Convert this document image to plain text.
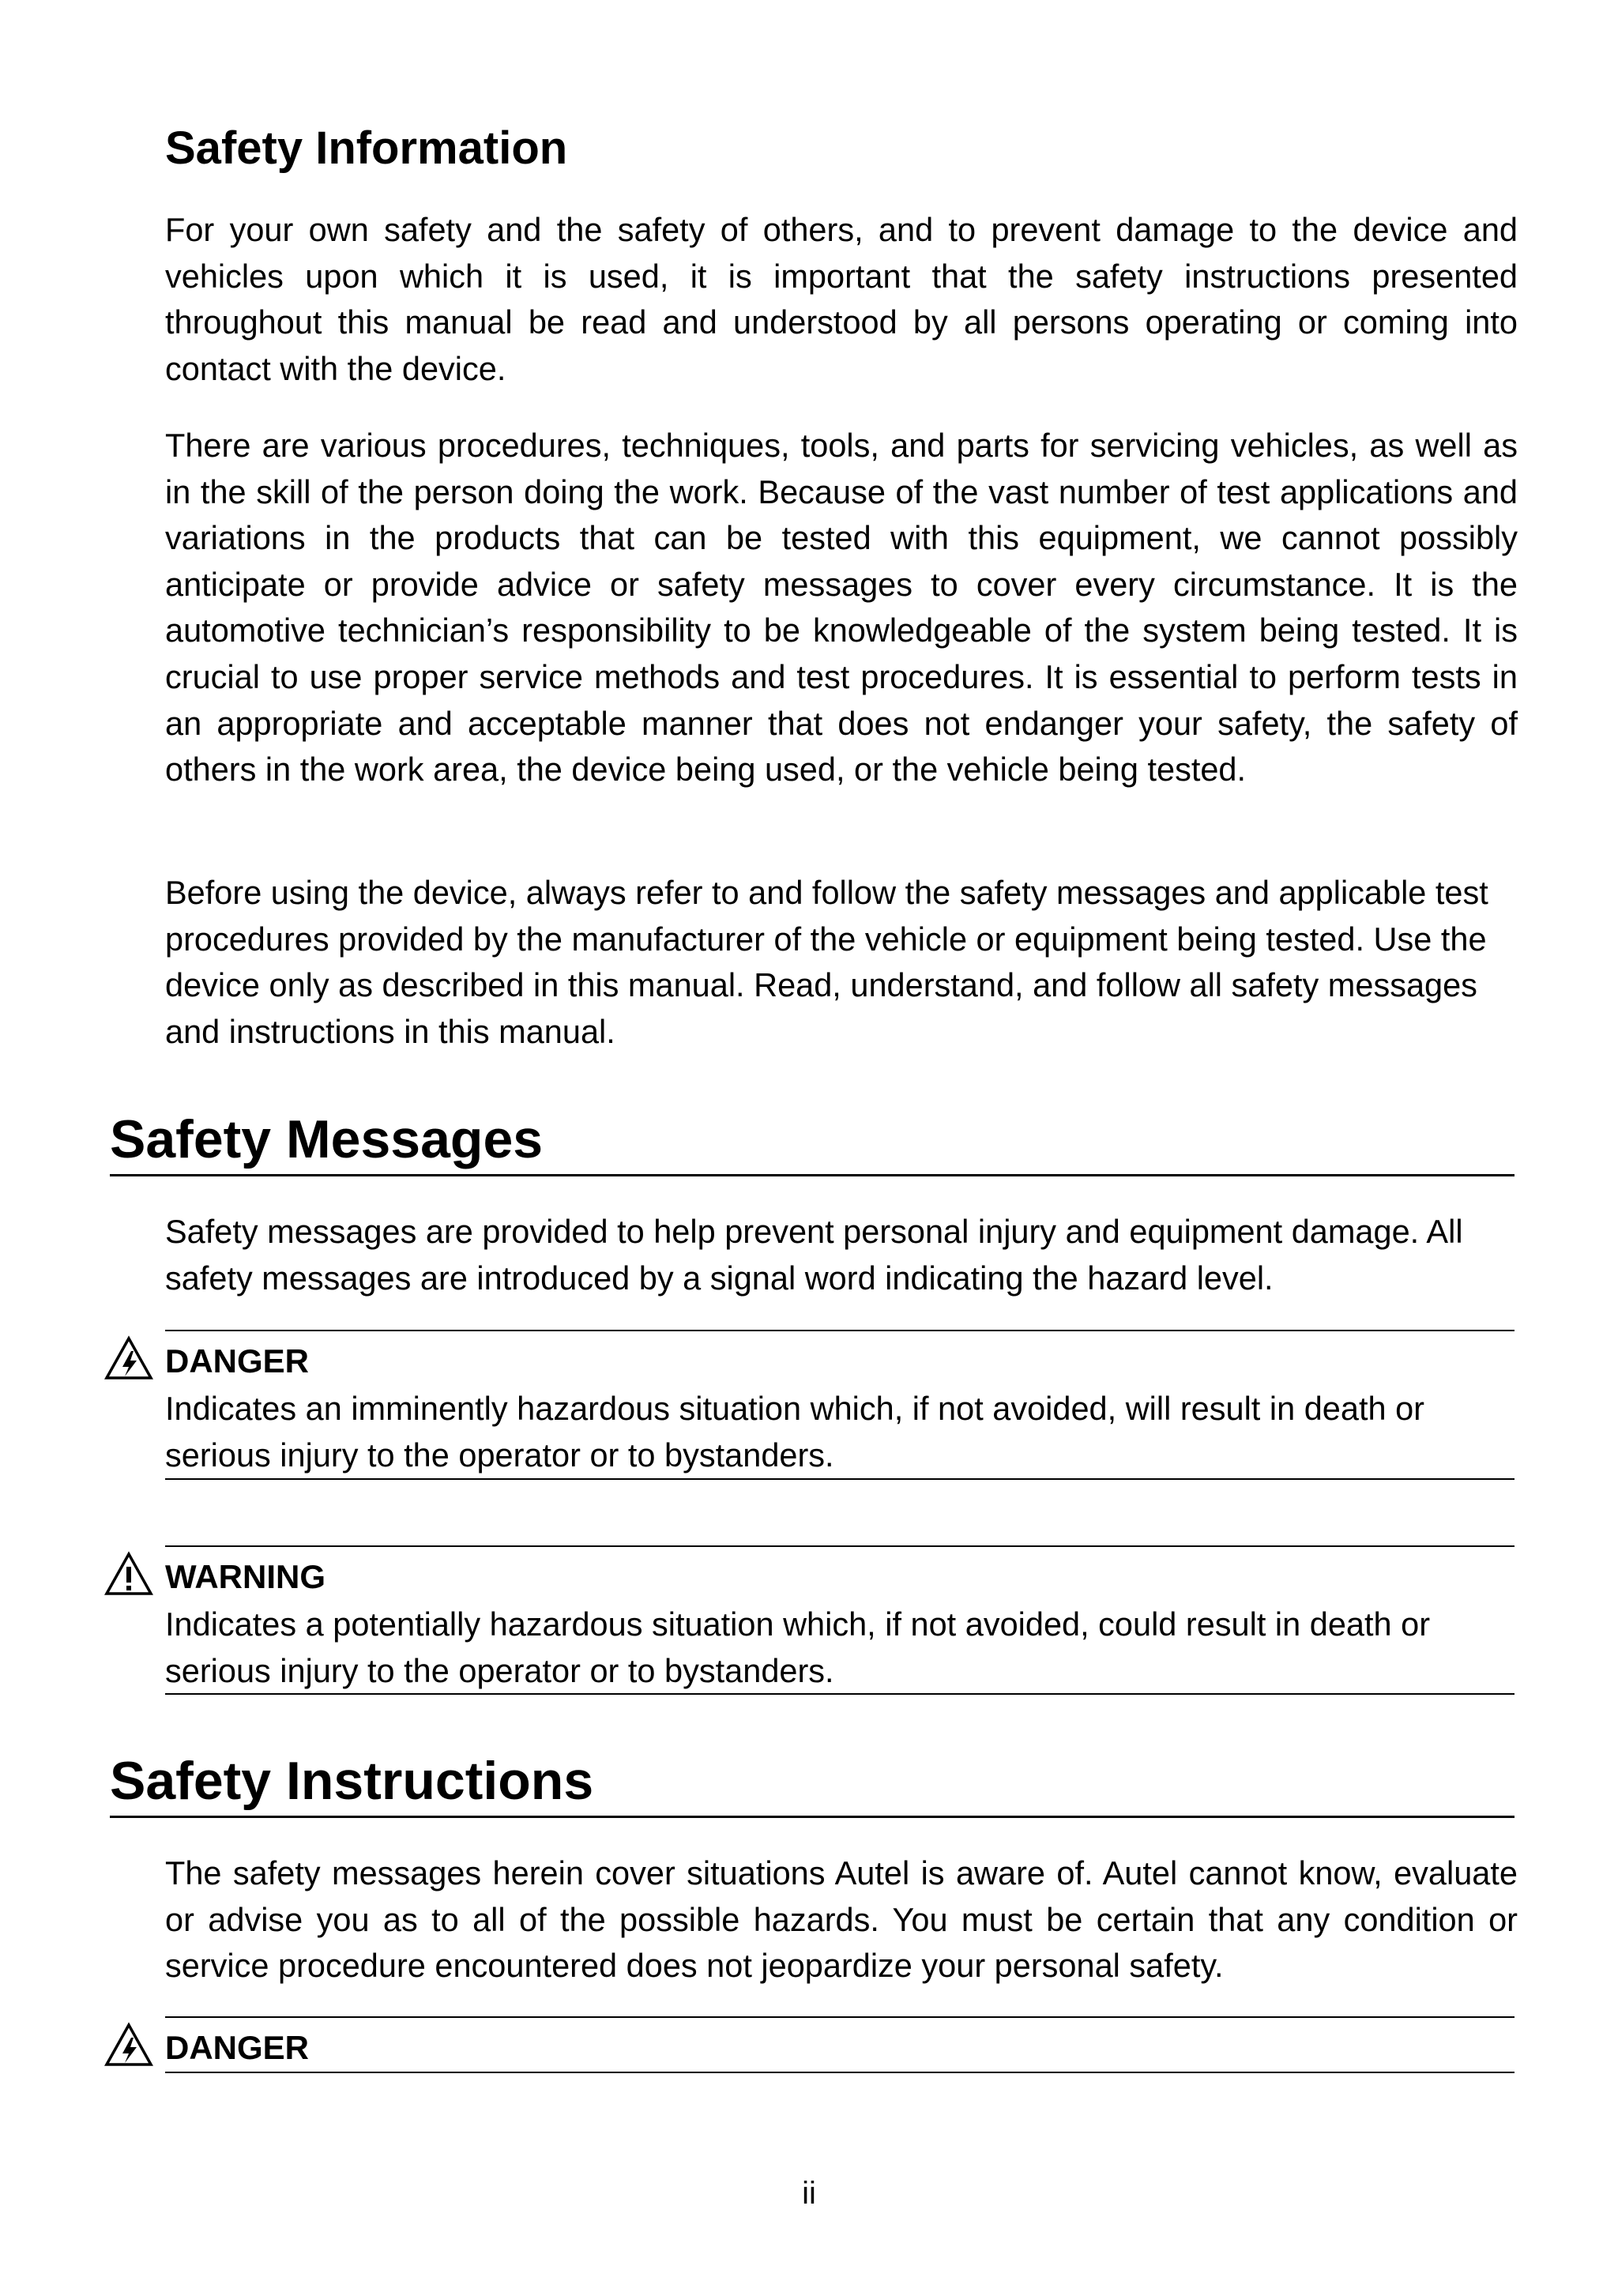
Safety Information

For your own safety and the safety of others, and to prevent damage to the device and vehicles upon which it is used, it is important that the safety instructions presented throughout this manual be read and understood by all persons operating or coming into contact with the device.

There are various procedures, techniques, tools, and parts for servicing vehicles, as well as in the skill of the person doing the work. Because of the vast number of test applications and variations in the products that can be tested with this equipment, we cannot possibly anticipate or provide advice or safety messages to cover every circumstance. It is the automotive technician’s responsibility to be knowledgeable of the system being tested. It is crucial to use proper service methods and test procedures. It is essential to perform tests in an appropriate and acceptable manner that does not endanger your safety, the safety of others in the work area, the device being used, or the vehicle being tested.

Before using the device, always refer to and follow the safety messages and applicable test procedures provided by the manufacturer of the vehicle or equipment being tested. Use the device only as described in this manual. Read, understand, and follow all safety messages and instructions in this manual.

Safety Messages

Safety messages are provided to help prevent personal injury and equipment damage. All safety messages are introduced by a signal word indicating the hazard level.

DANGER

Indicates an imminently hazardous situation which, if not avoided, will result in death or serious injury to the operator or to bystanders.

WARNING

Indicates a potentially hazardous situation which, if not avoided, could result in death or serious injury to the operator or to bystanders.

Safety Instructions

The safety messages herein cover situations Autel is aware of. Autel cannot know, evaluate or advise you as to all of the possible hazards. You must be certain that any condition or service procedure encountered does not jeopardize your personal safety.

DANGER

ii
